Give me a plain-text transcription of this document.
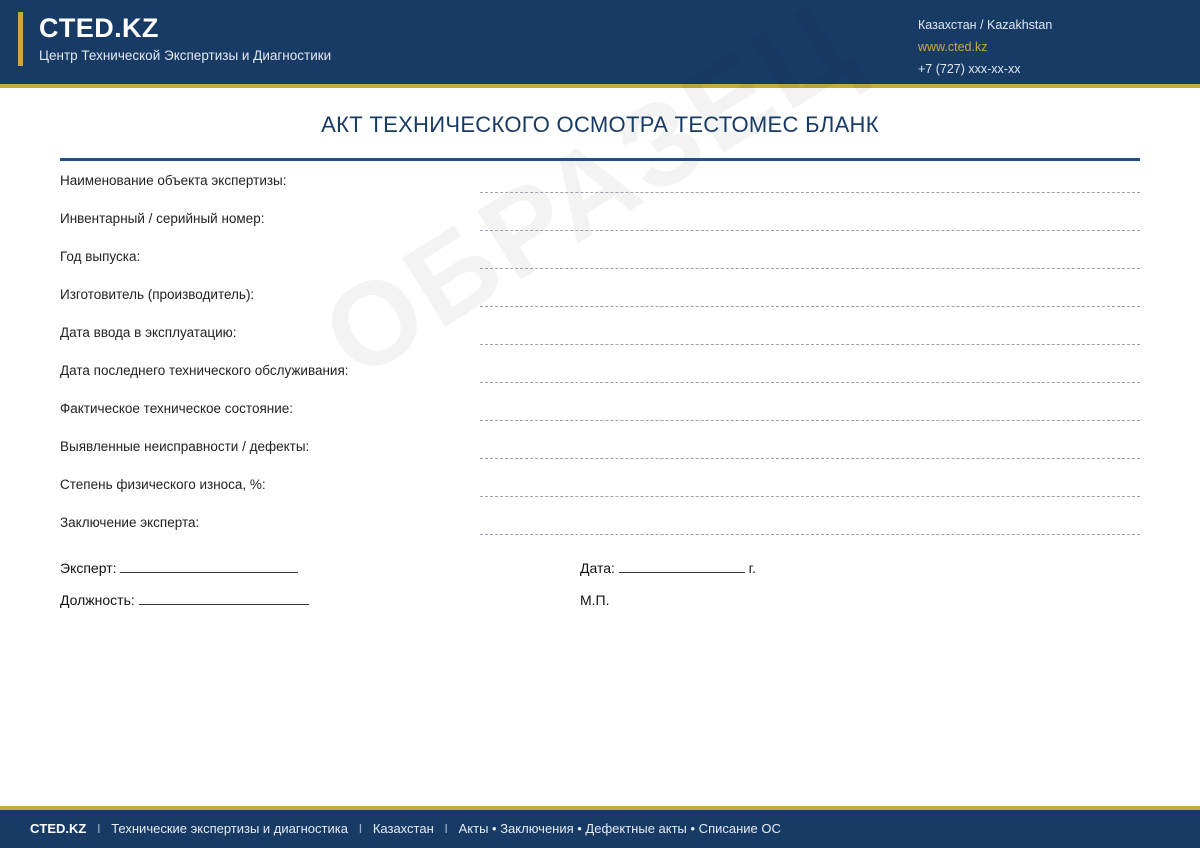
CTED.KZ
Центр Технической Экспертизы и Диагностики
Казахстан / Kazakhstan
www.cted.kz
+7 (727) xxx-xx-xx
АКТ ТЕХНИЧЕСКОГО ОСМОТРА ТЕСТОМЕС БЛАНК
Наименование объекта экспертизы:
Инвентарный / серийный номер:
Год выпуска:
Изготовитель (производитель):
Дата ввода в эксплуатацию:
Дата последнего технического обслуживания:
Фактическое техническое состояние:
Выявленные неисправности / дефекты:
Степень физического износа, %:
Заключение эксперта:
Эксперт:	Дата:	г.
Должность:	М.П.
CTED.KZ I Технические экспертизы и диагностика I Казахстан I Акты • Заключения • Дефектные акты • Списание ОС
